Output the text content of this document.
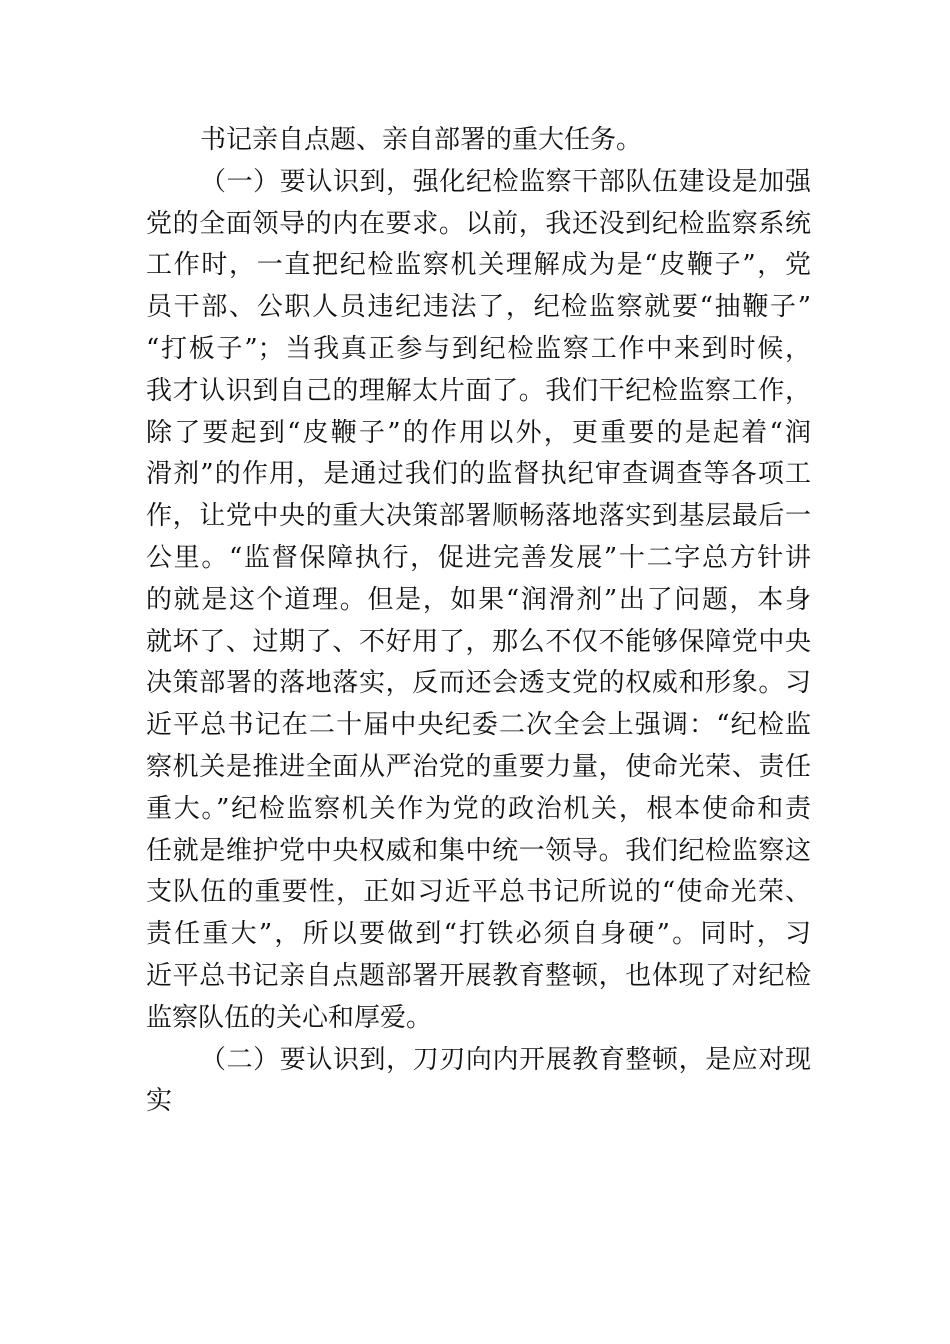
书记亲自点题、亲自部署的重大任务。
（一）要认识到，强化纪检监察干部队伍建设是加强
党的全面领导的内在要求。以前，我还没到纪检监察系统
工作时，一直把纪检监察机关理解成为是“皮鞭子”，党
员干部、公职人员违纪违法了，纪检监察就要“抽鞭子”
“打板子”；当我真正参与到纪检监察工作中来到时候，
我才认识到自己的理解太片面了。我们干纪检监察工作，
除了要起到“皮鞭子”的作用以外，更重要的是起着“润
滑剂”的作用，是通过我们的监督执纪审查调查等各项工
作，让党中央的重大决策部署顺畅落地落实到基层最后一
公里。“监督保障执行，促进完善发展”十二字总方针讲
的就是这个道理。但是，如果“润滑剂”出了问题，本身
就坏了、过期了、不好用了，那么不仅不能够保障党中央
决策部署的落地落实，反而还会透支党的权威和形象。习
近平总书记在二十届中央纪委二次全会上强调：“纪检监
察机关是推进全面从严治党的重要力量，使命光荣、责任
重大。”纪检监察机关作为党的政治机关，根本使命和责
任就是维护党中央权威和集中统一领导。我们纪检监察这
支队伍的重要性，正如习近平总书记所说的“使命光荣、
责任重大”，所以要做到“打铁必须自身硬”。同时，习
近平总书记亲自点题部署开展教育整顿，也体现了对纪检
监察队伍的关心和厚爱。
（二）要认识到，刀刃向内开展教育整顿，是应对现
实
